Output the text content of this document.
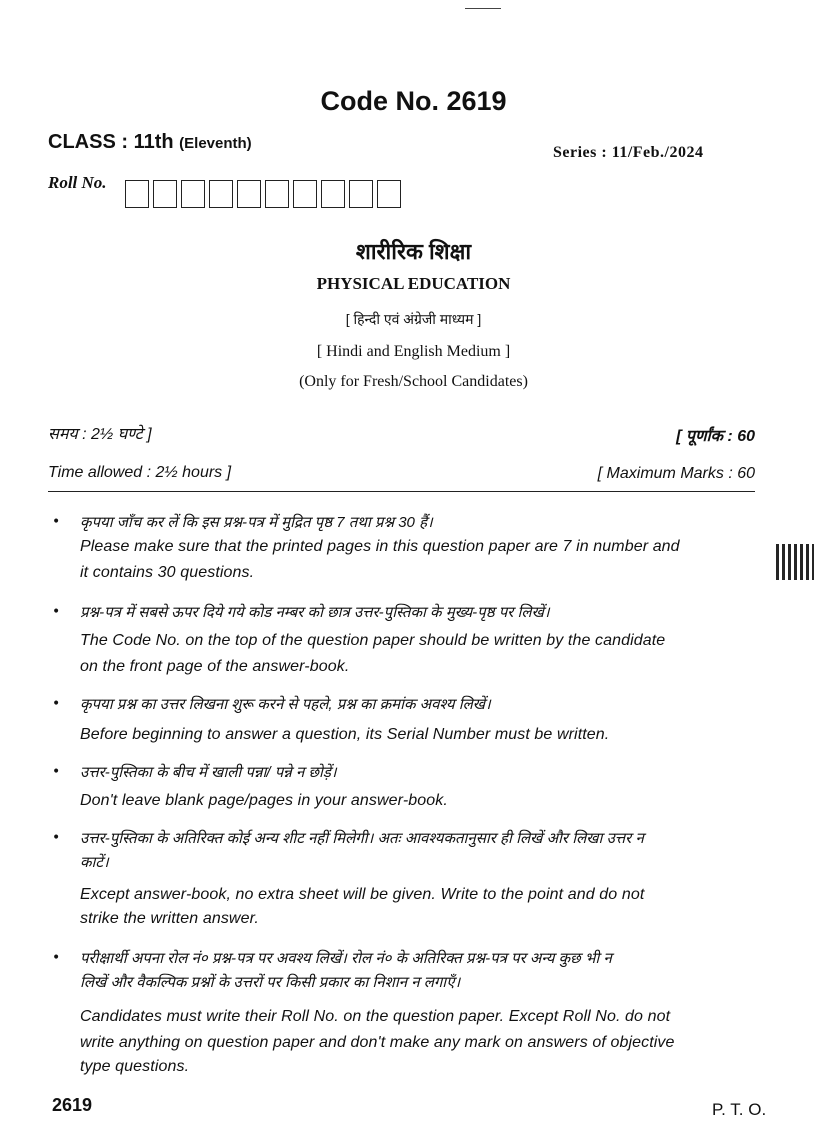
Code No. 2619
CLASS : 11th (Eleventh)
Series : 11/Feb./2024
Roll No.
शारीरिक शिक्षा
PHYSICAL EDUCATION
[ हिन्दी एवं अंग्रेजी माध्यम ]
[ Hindi and English Medium ]
(Only for Fresh/School Candidates)
समय : 2½ घण्टे ]	[ पूर्णांक : 60
Time allowed : 2½ hours ]	[ Maximum Marks : 60
• कृपया जाँच कर लें कि इस प्रश्न-पत्र में मुद्रित पृष्ठ 7 तथा प्रश्न 30 हैं।
Please make sure that the printed pages in this question paper are 7 in number and
it contains 30 questions.
• प्रश्न-पत्र में सबसे ऊपर दिये गये कोड नम्बर को छात्र उत्तर-पुस्तिका के मुख्य-पृष्ठ पर लिखें।
The Code No. on the top of the question paper should be written by the candidate
on the front page of the answer-book.
• कृपया प्रश्न का उत्तर लिखना शुरू करने से पहले, प्रश्न का क्रमांक अवश्य लिखें।
Before beginning to answer a question, its Serial Number must be written.
• उत्तर-पुस्तिका के बीच में खाली पन्ना/ पन्ने न छोड़ें।
Don't leave blank page/pages in your answer-book.
• उत्तर-पुस्तिका के अतिरिक्त कोई अन्य शीट नहीं मिलेगी। अतः आवश्यकतानुसार ही लिखें और लिखा उत्तर न
काटें।
Except answer-book, no extra sheet will be given. Write to the point and do not
strike the written answer.
• परीक्षार्थी अपना रोल नं० प्रश्न-पत्र पर अवश्य लिखें। रोल नं० के अतिरिक्त प्रश्न-पत्र पर अन्य कुछ भी न
लिखें और वैकल्पिक प्रश्नों के उत्तरों पर किसी प्रकार का निशान न लगाएँ।
Candidates must write their Roll No. on the question paper. Except Roll No. do not
write anything on question paper and don't make any mark on answers of objective
type questions.
2619	P. T. O.
